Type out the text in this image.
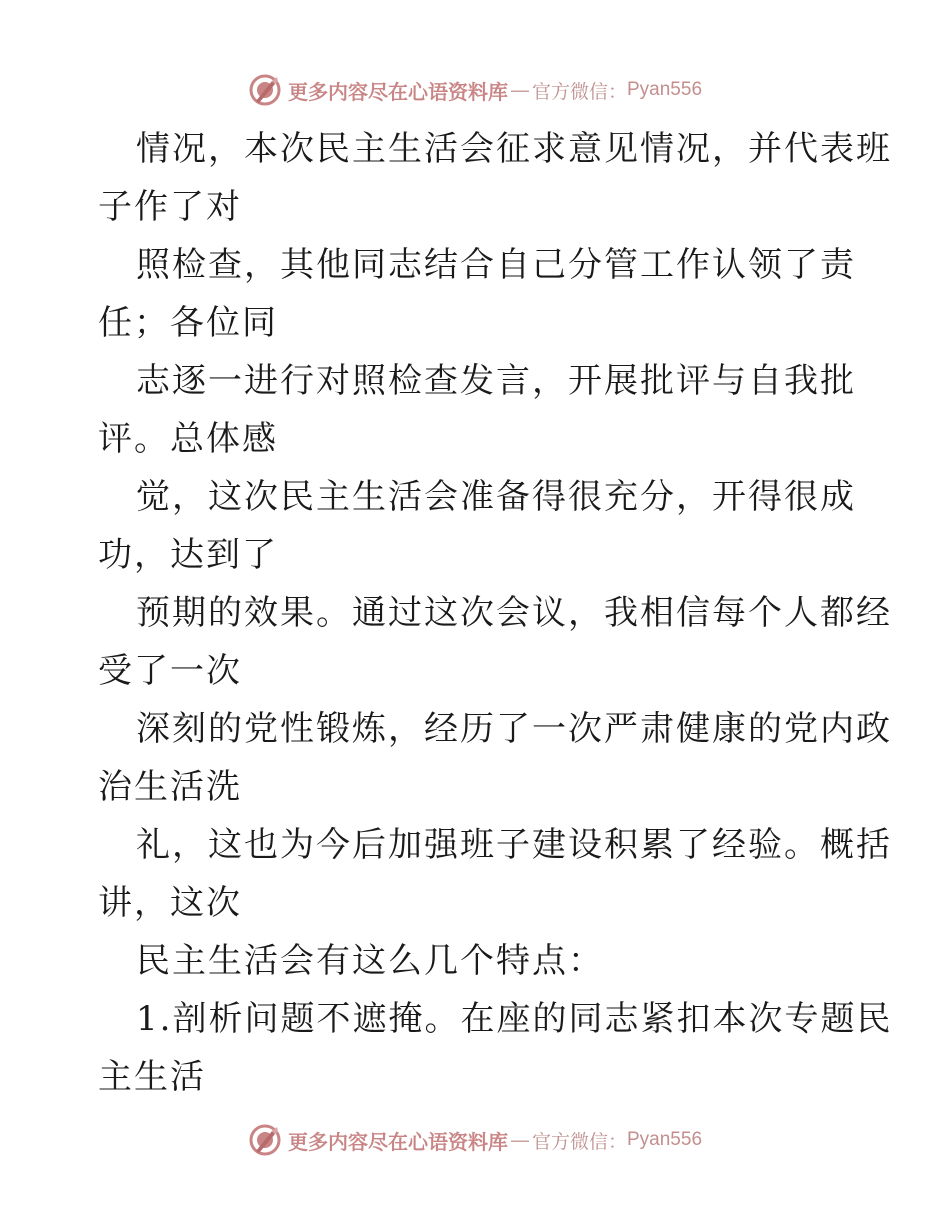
更多内容尽在心语资料库 — 官方微信： Pyan556
情况，本次民主生活会征求意见情况，并代表班
子作了对
照检查，其他同志结合自己分管工作认领了责
任；各位同
志逐一进行对照检查发言，开展批评与自我批
评。总体感
觉，这次民主生活会准备得很充分，开得很成
功，达到了
预期的效果。通过这次会议，我相信每个人都经
受了一次
深刻的党性锻炼，经历了一次严肃健康的党内政
治生活洗
礼，这也为今后加强班子建设积累了经验。概括
讲，这次
民主生活会有这么几个特点：
1.剖析问题不遮掩。在座的同志紧扣本次专题民
主生活
更多内容尽在心语资料库 — 官方微信： Pyan556
